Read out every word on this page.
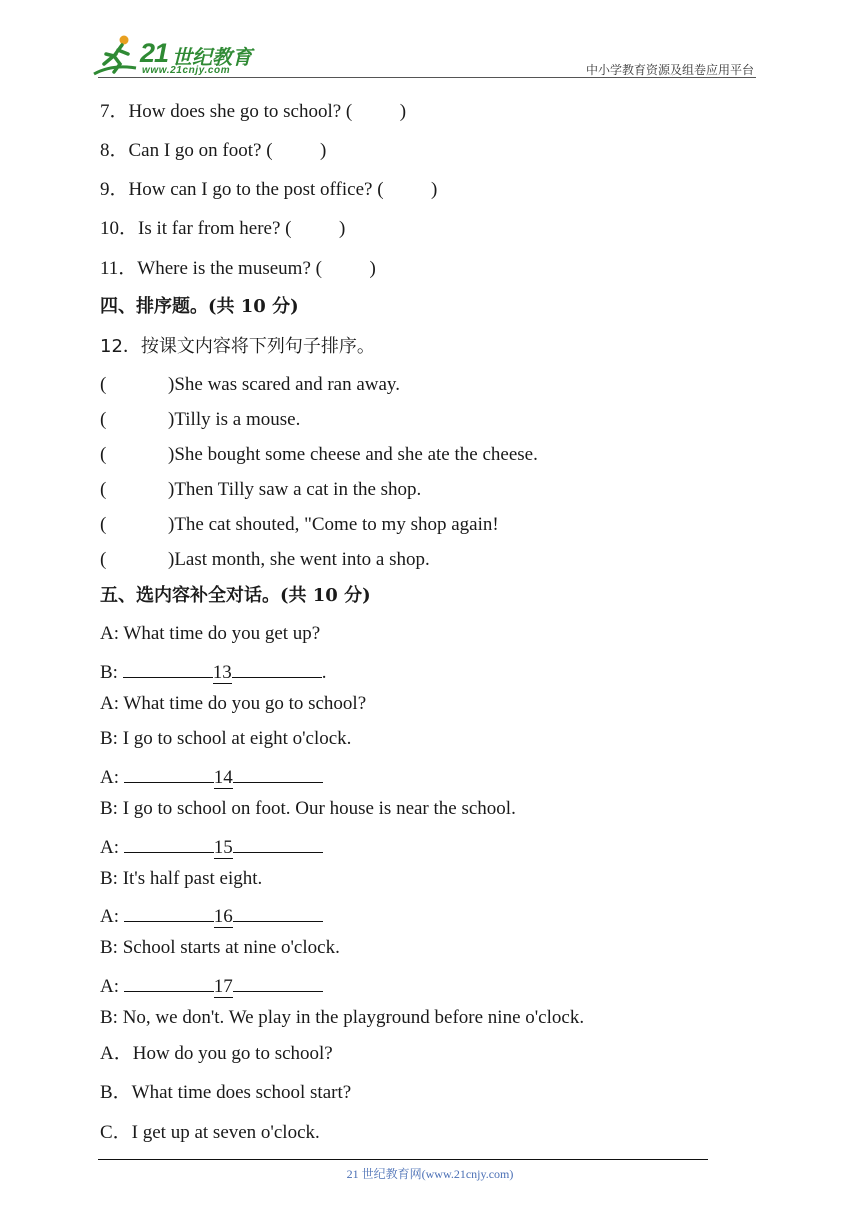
21 世纪教育
www.21cnjy.com	中小学教育资源及组卷应用平台
7．How does she go to school? (          )
8．Can I go on foot? (          )
9．How can I go to the post office? (          )
10．Is it far from here? (          )
11．Where is the museum? (          )
四、排序题。(共 10 分)
12．按课文内容将下列句子排序。
(	)She was scared and ran away.
(	)Tilly is a mouse.
(	)She bought some cheese and she ate the cheese.
(	)Then Tilly saw a cat in the shop.
(	)The cat shouted, "Come to my shop again!
(	)Last month, she went into a shop.
五、选内容补全对话。(共 10 分)
A: What time do you get up?
B:	13	.
A: What time do you go to school?
B: I go to school at eight o'clock.
A:	14
B: I go to school on foot. Our house is near the school.
A:	15
B: It's half past eight.
A:	16
B: School starts at nine o'clock.
A:	17
B: No, we don't. We play in the playground before nine o'clock.
A．How do you go to school?
B．What time does school start?
C．I get up at seven o'clock.
21 世纪教育网(www.21cnjy.com)
